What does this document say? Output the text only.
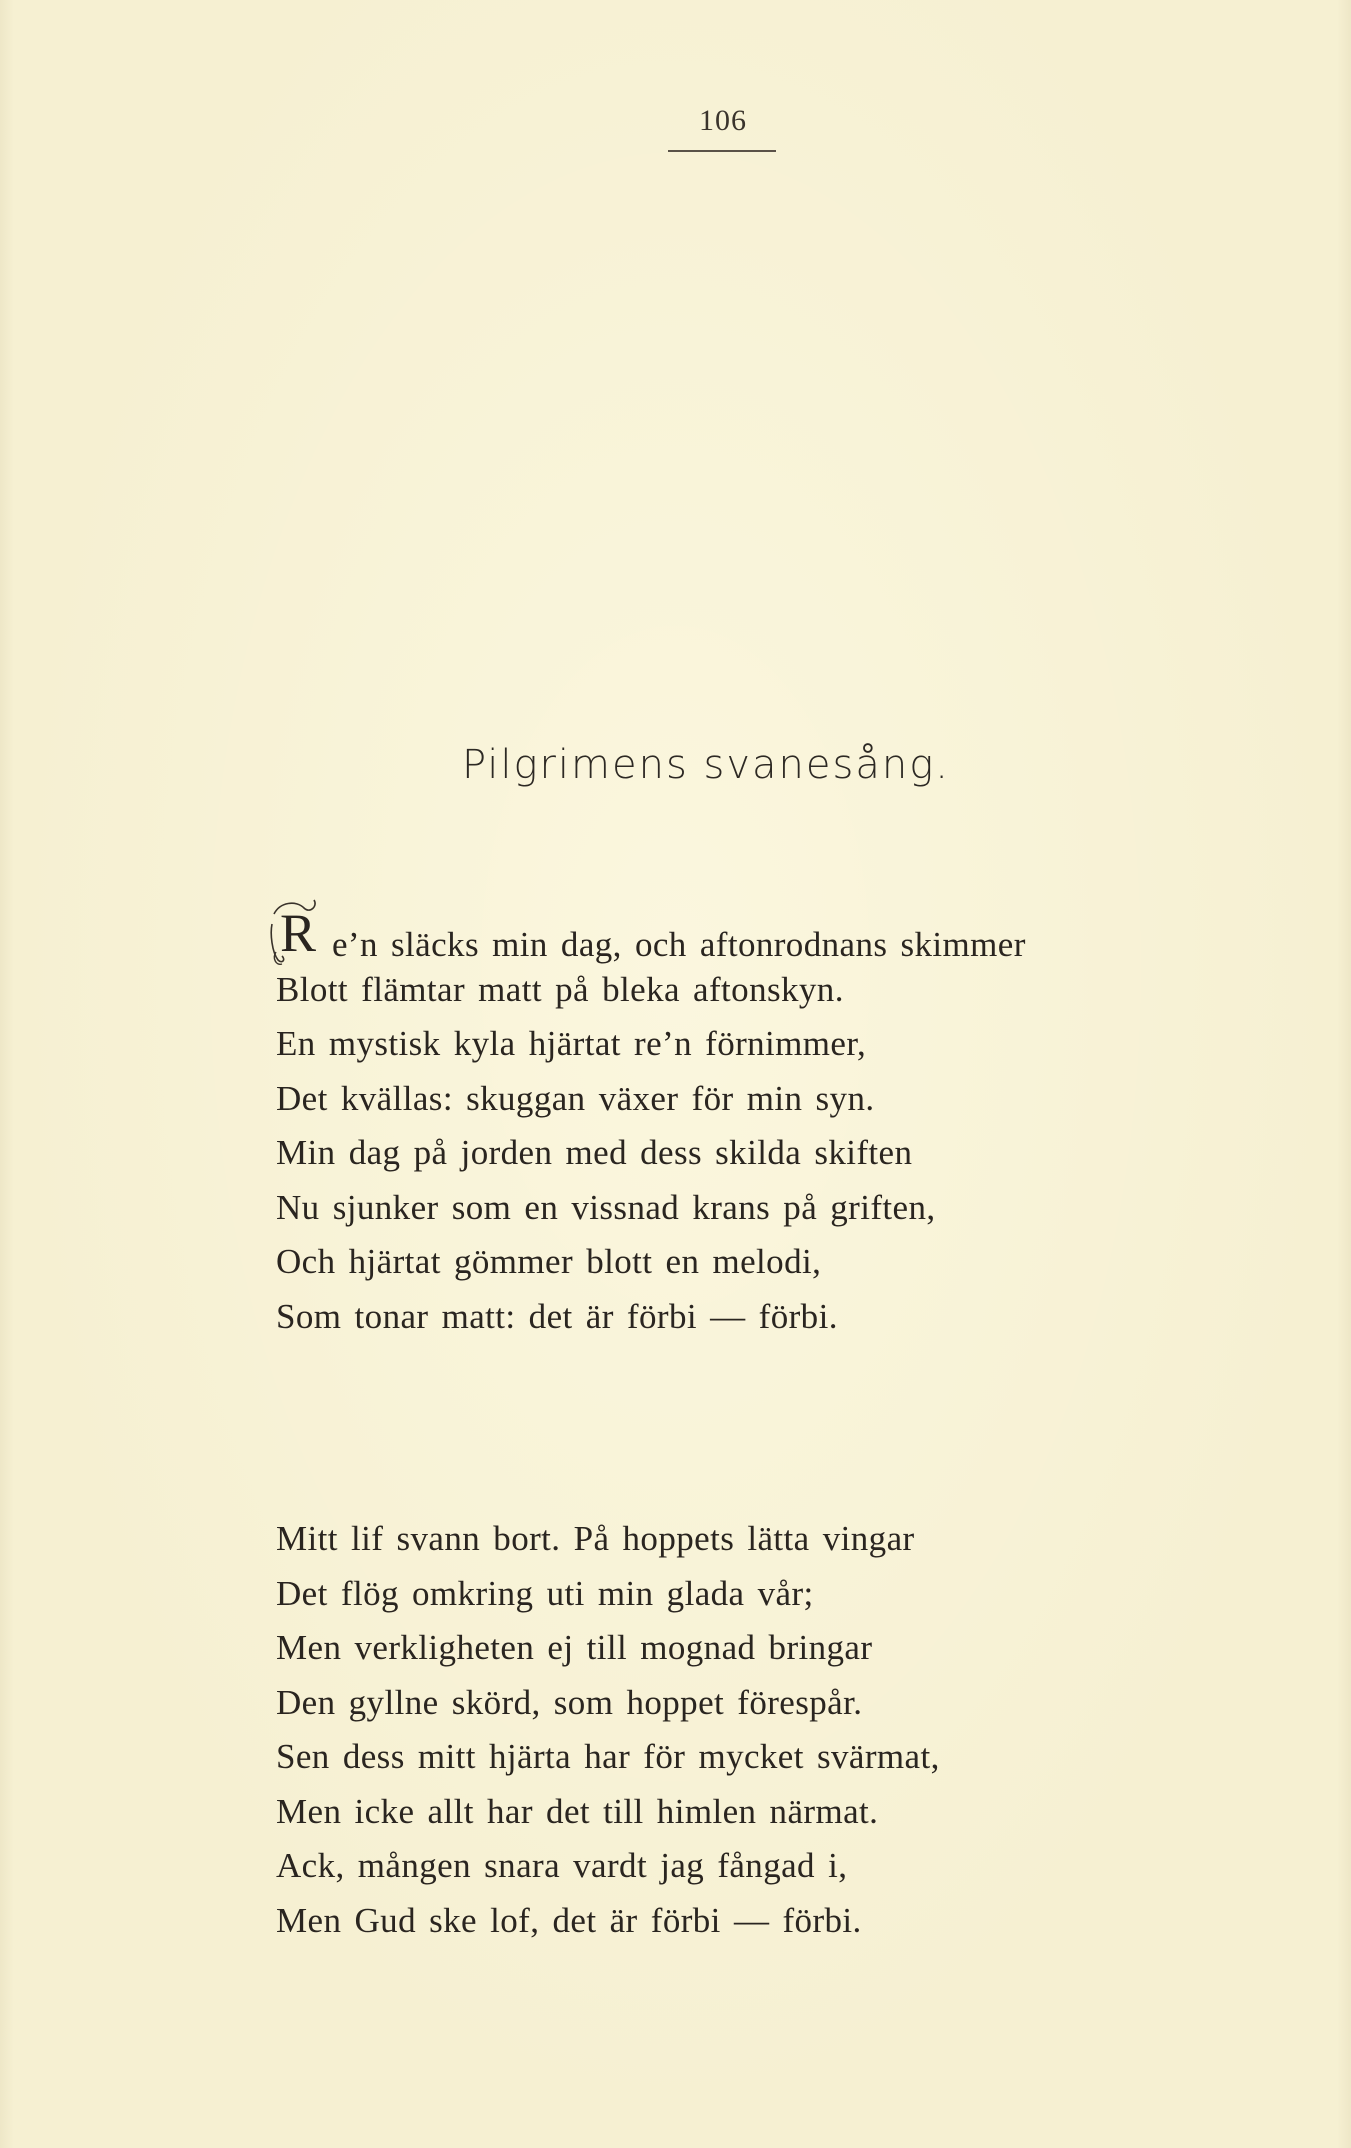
106
Pilgrimens svanesång.
R e’n släcks min dag, och aftonrodnans skimmer
Blott flämtar matt på bleka aftonskyn.
En mystisk kyla hjärtat re’n förnimmer,
Det kvällas: skuggan växer för min syn.
Min dag på jorden med dess skilda skiften
Nu sjunker som en vissnad krans på griften,
Och hjärtat gömmer blott en melodi,
Som tonar matt: det är förbi — förbi.
Mitt lif svann bort. På hoppets lätta vingar
Det flög omkring uti min glada vår;
Men verkligheten ej till mognad bringar
Den gyllne skörd, som hoppet förespår.
Sen dess mitt hjärta har för mycket svärmat,
Men icke allt har det till himlen närmat.
Ack, mången snara vardt jag fångad i,
Men Gud ske lof, det är förbi — förbi.
